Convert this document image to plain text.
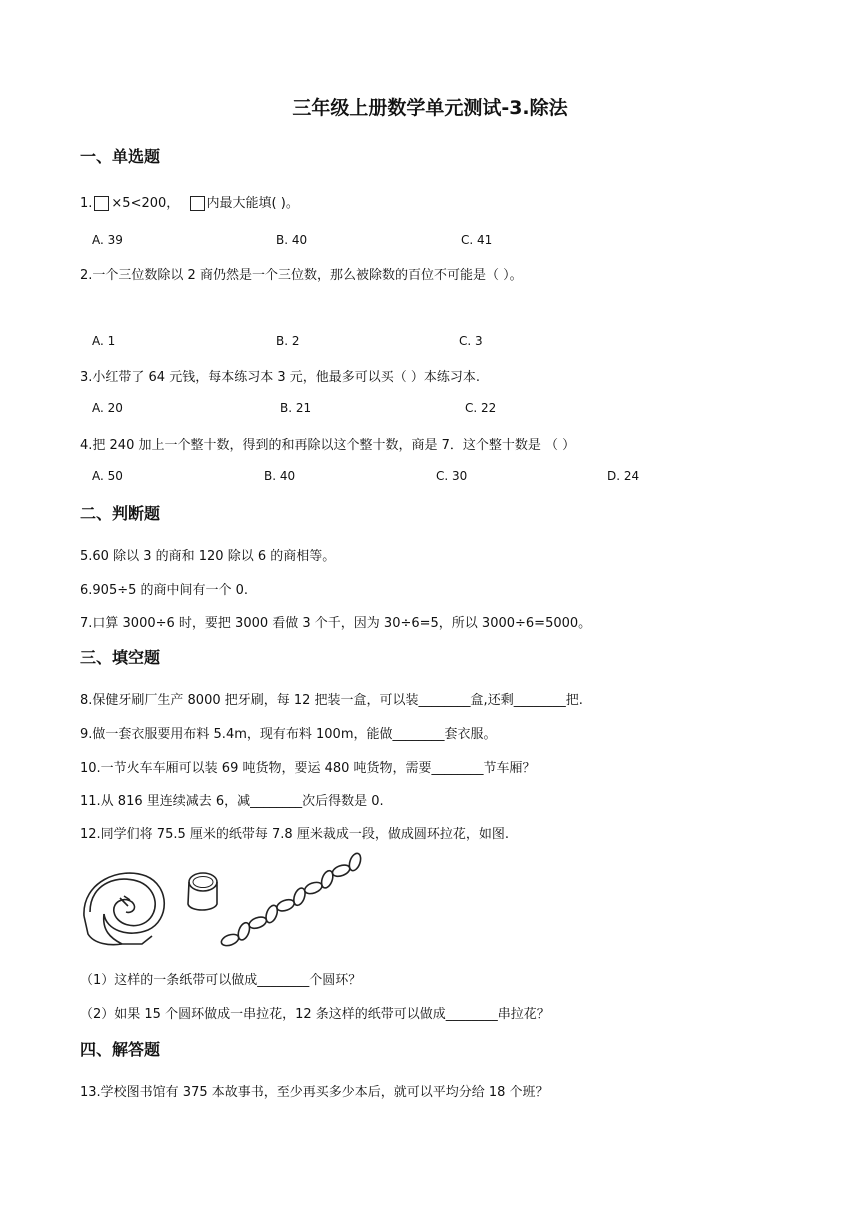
三年级上册数学单元测试-3.除法
一、单选题
1. ×5<200， 内最大能填( )。
A. 39	B. 40	C. 41
2.一个三位数除以 2 商仍然是一个三位数，那么被除数的百位不可能是（ ）。
A. 1	B. 2	C. 3
3.小红带了 64 元钱，每本练习本 3 元，他最多可以买（ ）本练习本.
A. 20	B. 21	C. 22
4.把 240 加上一个整十数，得到的和再除以这个整十数，商是 7．这个整十数是 （ ）
A. 50	B. 40	C. 30	D. 24
二、判断题
5.60 除以 3 的商和 120 除以 6 的商相等。
6.905÷5 的商中间有一个 0.
7.口算 3000÷6 时，要把 3000 看做 3 个千，因为 30÷6=5，所以 3000÷6=5000。
三、填空题
8.保健牙刷厂生产 8000 把牙刷，每 12 把装一盒，可以装________盒,还剩________把.
9.做一套衣服要用布料 5.4m，现有布料 100m，能做________套衣服。
10.一节火车车厢可以装 69 吨货物，要运 480 吨货物，需要________节车厢？
11.从 816 里连续减去 6，减________次后得数是 0.
12.同学们将 75.5 厘米的纸带每 7.8 厘米裁成一段，做成圆环拉花，如图.
（1）这样的一条纸带可以做成________个圆环？
（2）如果 15 个圆环做成一串拉花，12 条这样的纸带可以做成________串拉花？
四、解答题
13.学校图书馆有 375 本故事书，至少再买多少本后，就可以平均分给 18 个班？
